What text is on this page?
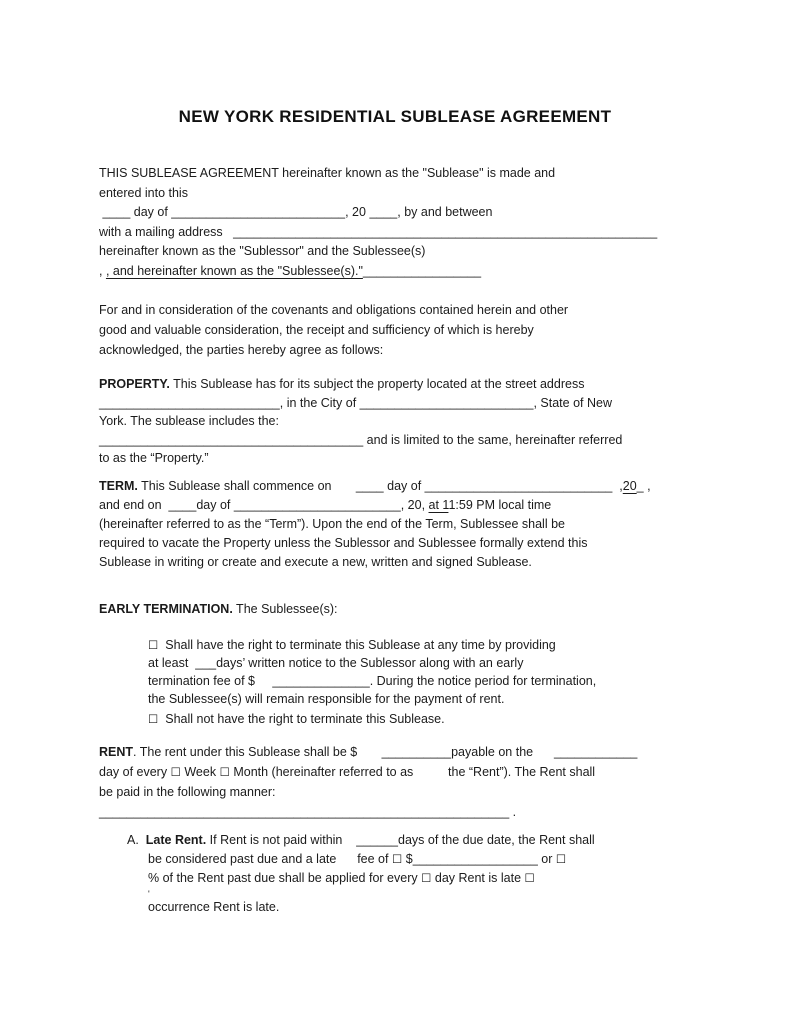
NEW YORK RESIDENTIAL SUBLEASE AGREEMENT
THIS SUBLEASE AGREEMENT hereinafter known as the "Sublease" is made and
entered into this
____ day of _________________________, 20 ____, by and between
with a mailing address   _____________________________________________________________
hereinafter known as the "Sublessor" and the Sublessee(s)
, , and hereinafter known as the "Sublessee(s)."_________________
For and in consideration of the covenants and obligations contained herein and other
good and valuable consideration, the receipt and sufficiency of which is hereby
acknowledged, the parties hereby agree as follows:
PROPERTY. This Sublease has for its subject the property located at the street address
__________________________, in the City of _________________________, State of New
York. The sublease includes the:
______________________________________ and is limited to the same, hereinafter referred
to as the “Property.”
TERM. This Sublease shall commence on       ____ day of ___________________________  ,20_ ,
and end on  ____day of ________________________, 20, at 11:59 PM local time
(hereinafter referred to as the “Term”). Upon the end of the Term, Sublessee shall be
required to vacate the Property unless the Sublessor and Sublessee formally extend this
Sublease in writing or create and execute a new, written and signed Sublease.
EARLY TERMINATION. The Sublessee(s):
☐  Shall have the right to terminate this Sublease at any time by providing
at least  ___days’ written notice to the Sublessor along with an early
termination fee of $     ______________. During the notice period for termination,
the Sublessee(s) will remain responsible for the payment of rent.
☐  Shall not have the right to terminate this Sublease.
RENT. The rent under this Sublease shall be $       __________payable on the      ____________
day of every ☐ Week ☐ Month (hereinafter referred to as          the “Rent”). The Rent shall
be paid in the following manner:
___________________________________________________________ .
A.  Late Rent. If Rent is not paid within    ______days of the due date, the Rent shall
be considered past due and a late      fee of ☐ $__________________ or ☐
% of the Rent past due shall be applied for every ☐ day Rent is late ☐
'
occurrence Rent is late.
